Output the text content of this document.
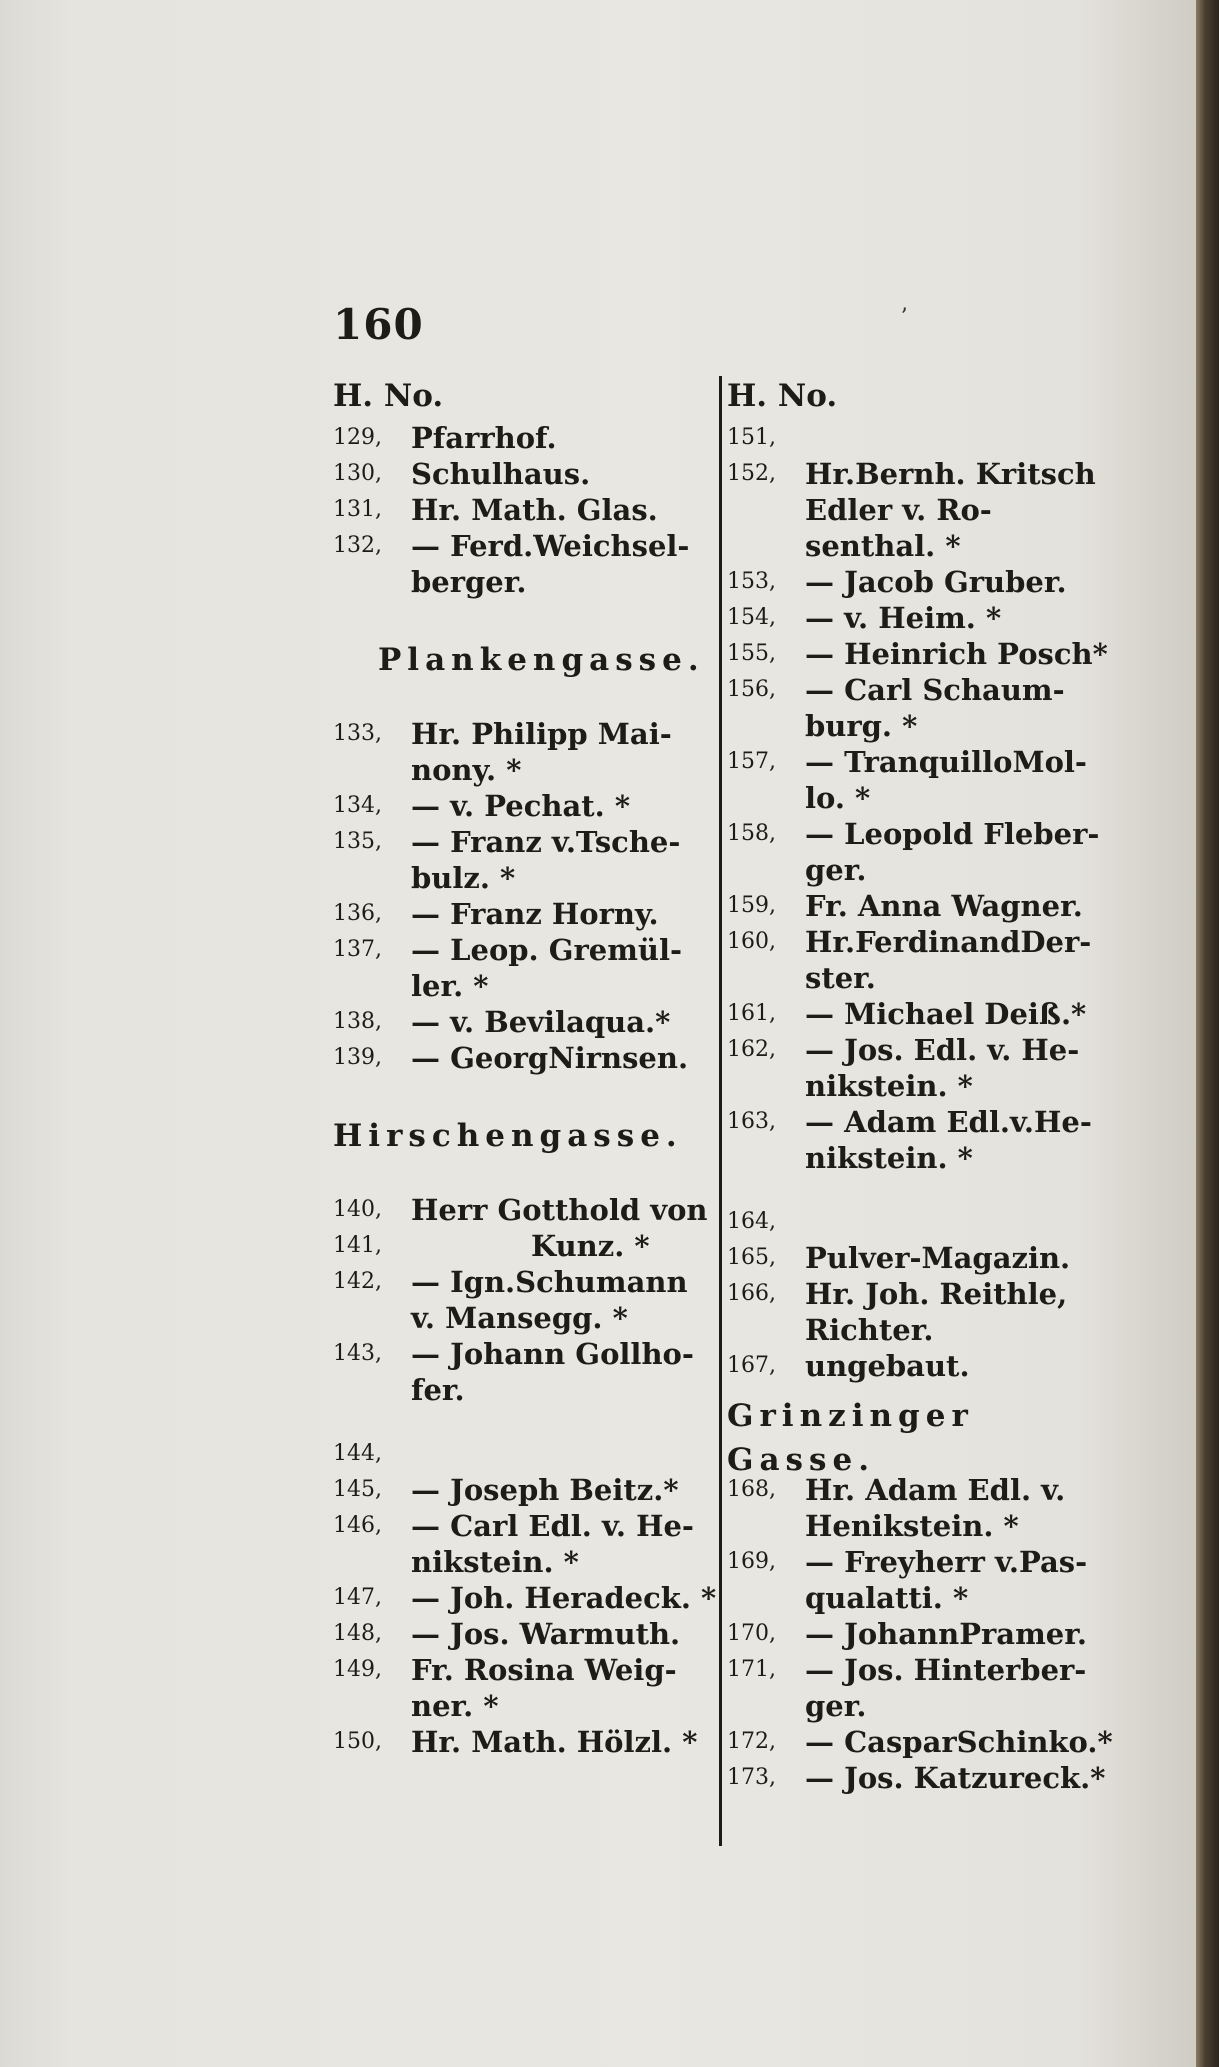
160	ʼ
H. No.
129,	Pfarrhof.
130,	Schulhaus.
131,	Hr. Math. Glas.
132,	— Ferd.Weichsel-
berger.
Plankengasse.
133,	Hr. Philipp Mai-
nony. *
134,	— v. Pechat. *
135,	— Franz v.Tsche-
bulz. *
136,	— Franz Horny.
137,	— Leop. Gremül-
ler. *
138,	— v. Bevilaqua.*
139,	— GeorgNirnsen.
Hirschengasse.
140,	Herr Gotthold von
141,	Kunz. *
142,	— Ign.Schumann
v. Mansegg. *
143,	— Johann Gollho-
fer.
144,
145,	— Joseph Beitz.*
146,	— Carl Edl. v. He-
nikstein. *
147,	— Joh. Heradeck. *
148,	— Jos. Warmuth.
149,	Fr. Rosina Weig-
ner. *
150,	Hr. Math. Hölzl. *
H. No.
151,
152,	Hr.Bernh. Kritsch
Edler v. Ro-
senthal. *
153,	— Jacob Gruber.
154,	— v. Heim. *
155,	— Heinrich Posch*
156,	— Carl Schaum-
burg. *
157,	— TranquilloMol-
lo. *
158,	— Leopold Fleber-
ger.
159,	Fr. Anna Wagner.
160,	Hr.FerdinandDer-
ster.
161,	— Michael Deiß.*
162,	— Jos. Edl. v. He-
nikstein. *
163,	— Adam Edl.v.He-
nikstein. *
164,
165,	Pulver-Magazin.
166,	Hr. Joh. Reithle,
Richter.
167,	ungebaut.
Grinzinger Gasse.
168,	Hr. Adam Edl. v.
Henikstein. *
169,	— Freyherr v.Pas-
qualatti. *
170,	— JohannPramer.
171,	— Jos. Hinterber-
ger.
172,	— CasparSchinko.*
173,	— Jos. Katzureck.*
